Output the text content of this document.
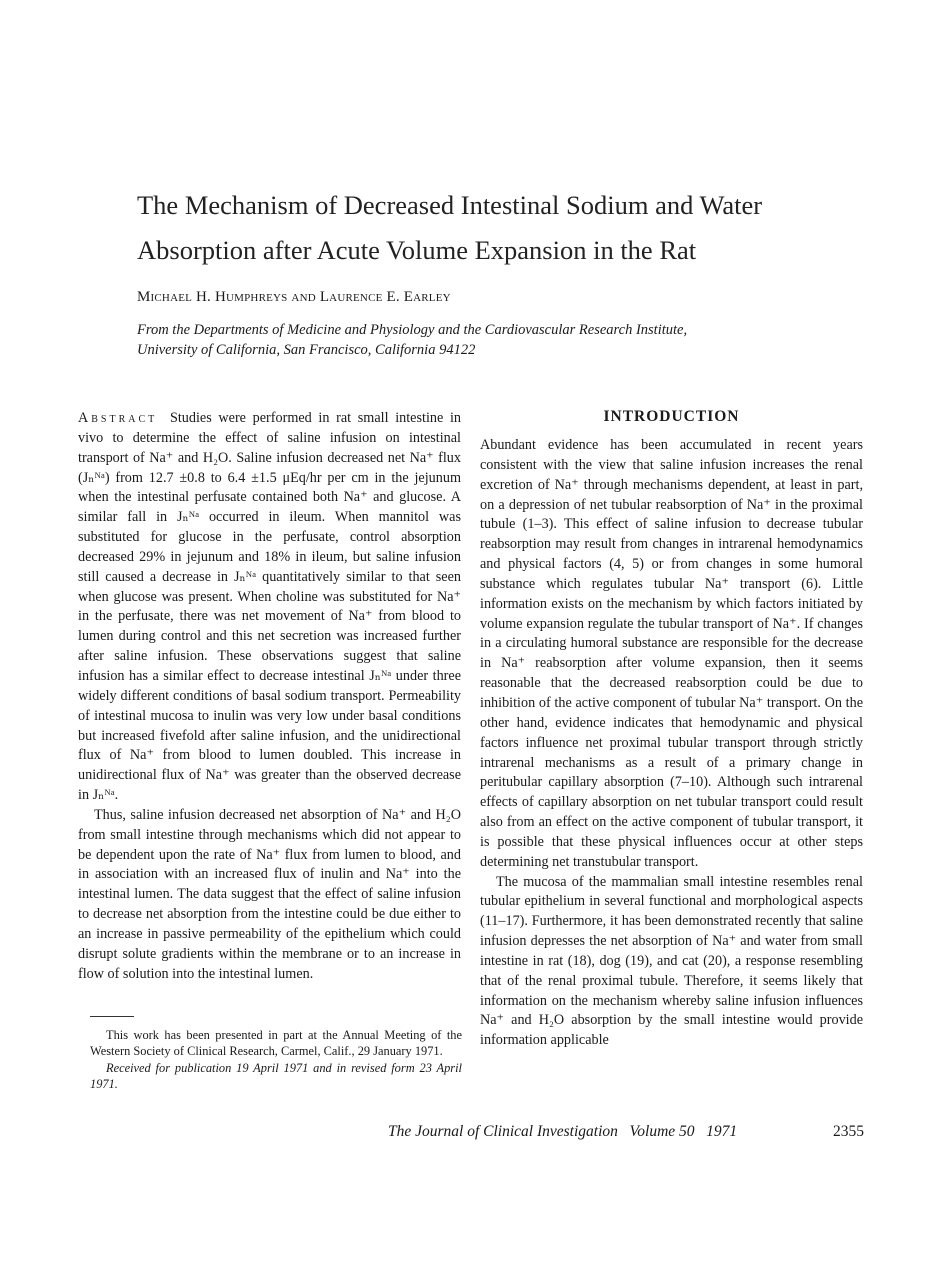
The Mechanism of Decreased Intestinal Sodium and Water Absorption after Acute Volume Expansion in the Rat
Michael H. Humphreys and Laurence E. Earley
From the Departments of Medicine and Physiology and the Cardiovascular Research Institute, University of California, San Francisco, California 94122

Abstract Studies were performed in rat small intestine in vivo to determine the effect of saline infusion on intestinal transport of Na⁺ and H₂O. Saline infusion decreased net Na⁺ flux (Jₙᴺᵃ) from 12.7 ±0.8 to 6.4 ±1.5 μEq/hr per cm in the jejunum when the intestinal perfusate contained both Na⁺ and glucose. A similar fall in Jₙᴺᵃ occurred in ileum. When mannitol was substituted for glucose in the perfusate, control absorption decreased 29% in jejunum and 18% in ileum, but saline infusion still caused a decrease in Jₙᴺᵃ quantitatively similar to that seen when glucose was present. When choline was substituted for Na⁺ in the perfusate, there was net movement of Na⁺ from blood to lumen during control and this net secretion was increased further after saline infusion. These observations suggest that saline infusion has a similar effect to decrease intestinal Jₙᴺᵃ under three widely different conditions of basal sodium transport. Permeability of intestinal mucosa to inulin was very low under basal conditions but increased fivefold after saline infusion, and the unidirectional flux of Na⁺ from blood to lumen doubled. This increase in unidirectional flux of Na⁺ was greater than the observed decrease in Jₙᴺᵃ.

Thus, saline infusion decreased net absorption of Na⁺ and H₂O from small intestine through mechanisms which did not appear to be dependent upon the rate of Na⁺ flux from lumen to blood, and in association with an increased flux of inulin and Na⁺ into the intestinal lumen. The data suggest that the effect of saline infusion to decrease net absorption from the intestine could be due either to an increase in passive permeability of the epithelium which could disrupt solute gradients within the membrane or to an increase in flow of solution into the intestinal lumen.

This work has been presented in part at the Annual Meeting of the Western Society of Clinical Research, Carmel, Calif., 29 January 1971.

Received for publication 19 April 1971 and in revised form 23 April 1971.

INTRODUCTION

Abundant evidence has been accumulated in recent years consistent with the view that saline infusion increases the renal excretion of Na⁺ through mechanisms dependent, at least in part, on a depression of net tubular reabsorption of Na⁺ in the proximal tubule (1–3). This effect of saline infusion to decrease tubular reabsorption may result from changes in intrarenal hemodynamics and physical factors (4, 5) or from changes in some humoral substance which regulates tubular Na⁺ transport (6). Little information exists on the mechanism by which factors initiated by volume expansion regulate the tubular transport of Na⁺. If changes in a circulating humoral substance are responsible for the decrease in Na⁺ reabsorption after volume expansion, then it seems reasonable that the decreased reabsorption could be due to inhibition of the active component of tubular Na⁺ transport. On the other hand, evidence indicates that hemodynamic and physical factors influence net proximal tubular transport through strictly intrarenal mechanisms as a result of a primary change in peritubular capillary absorption (7–10). Although such intrarenal effects of capillary absorption on net tubular transport could result also from an effect on the active component of tubular transport, it is possible that these physical influences occur at other steps determining net transtubular transport.

The mucosa of the mammalian small intestine resembles renal tubular epithelium in several functional and morphological aspects (11–17). Furthermore, it has been demonstrated recently that saline infusion depresses the net absorption of Na⁺ and water from small intestine in rat (18), dog (19), and cat (20), a response resembling that of the renal proximal tubule. Therefore, it seems likely that information on the mechanism whereby saline infusion influences Na⁺ and H₂O absorption by the small intestine would provide information applicable

The Journal of Clinical Investigation   Volume 50   1971	2355
